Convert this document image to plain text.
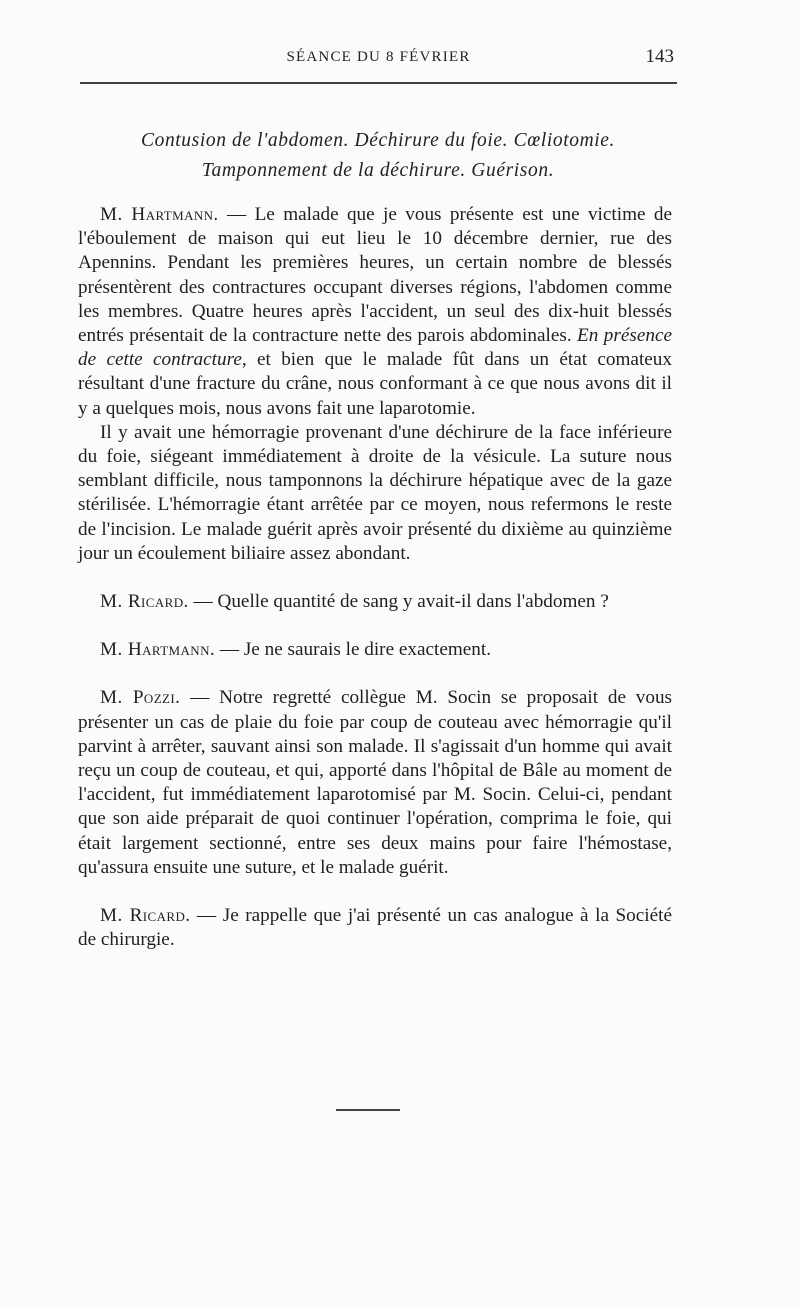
SÉANCE DU 8 FÉVRIER	143
Contusion de l'abdomen. Déchirure du foie. Cœliotomie.
Tamponnement de la déchirure. Guérison.

M. Hartmann. — Le malade que je vous présente est une victime de l'éboulement de maison qui eut lieu le 10 décembre dernier, rue des Apennins. Pendant les premières heures, un certain nombre de blessés présentèrent des contractures occupant diverses régions, l'abdomen comme les membres. Quatre heures après l'accident, un seul des dix-huit blessés entrés présentait de la contracture nette des parois abdominales. En présence de cette contracture, et bien que le malade fût dans un état comateux résultant d'une fracture du crâne, nous conformant à ce que nous avons dit il y a quelques mois, nous avons fait une laparotomie.

Il y avait une hémorragie provenant d'une déchirure de la face inférieure du foie, siégeant immédiatement à droite de la vésicule. La suture nous semblant difficile, nous tamponnons la déchirure hépatique avec de la gaze stérilisée. L'hémorragie étant arrêtée par ce moyen, nous refermons le reste de l'incision. Le malade guérit après avoir présenté du dixième au quinzième jour un écoulement biliaire assez abondant.

M. Ricard. — Quelle quantité de sang y avait-il dans l'abdomen ?

M. Hartmann. — Je ne saurais le dire exactement.

M. Pozzi. — Notre regretté collègue M. Socin se proposait de vous présenter un cas de plaie du foie par coup de couteau avec hémorragie qu'il parvint à arrêter, sauvant ainsi son malade. Il s'agissait d'un homme qui avait reçu un coup de couteau, et qui, apporté dans l'hôpital de Bâle au moment de l'accident, fut immédiatement laparotomisé par M. Socin. Celui-ci, pendant que son aide préparait de quoi continuer l'opération, comprima le foie, qui était largement sectionné, entre ses deux mains pour faire l'hémostase, qu'assura ensuite une suture, et le malade guérit.

M. Ricard. — Je rappelle que j'ai présenté un cas analogue à la Société de chirurgie.
